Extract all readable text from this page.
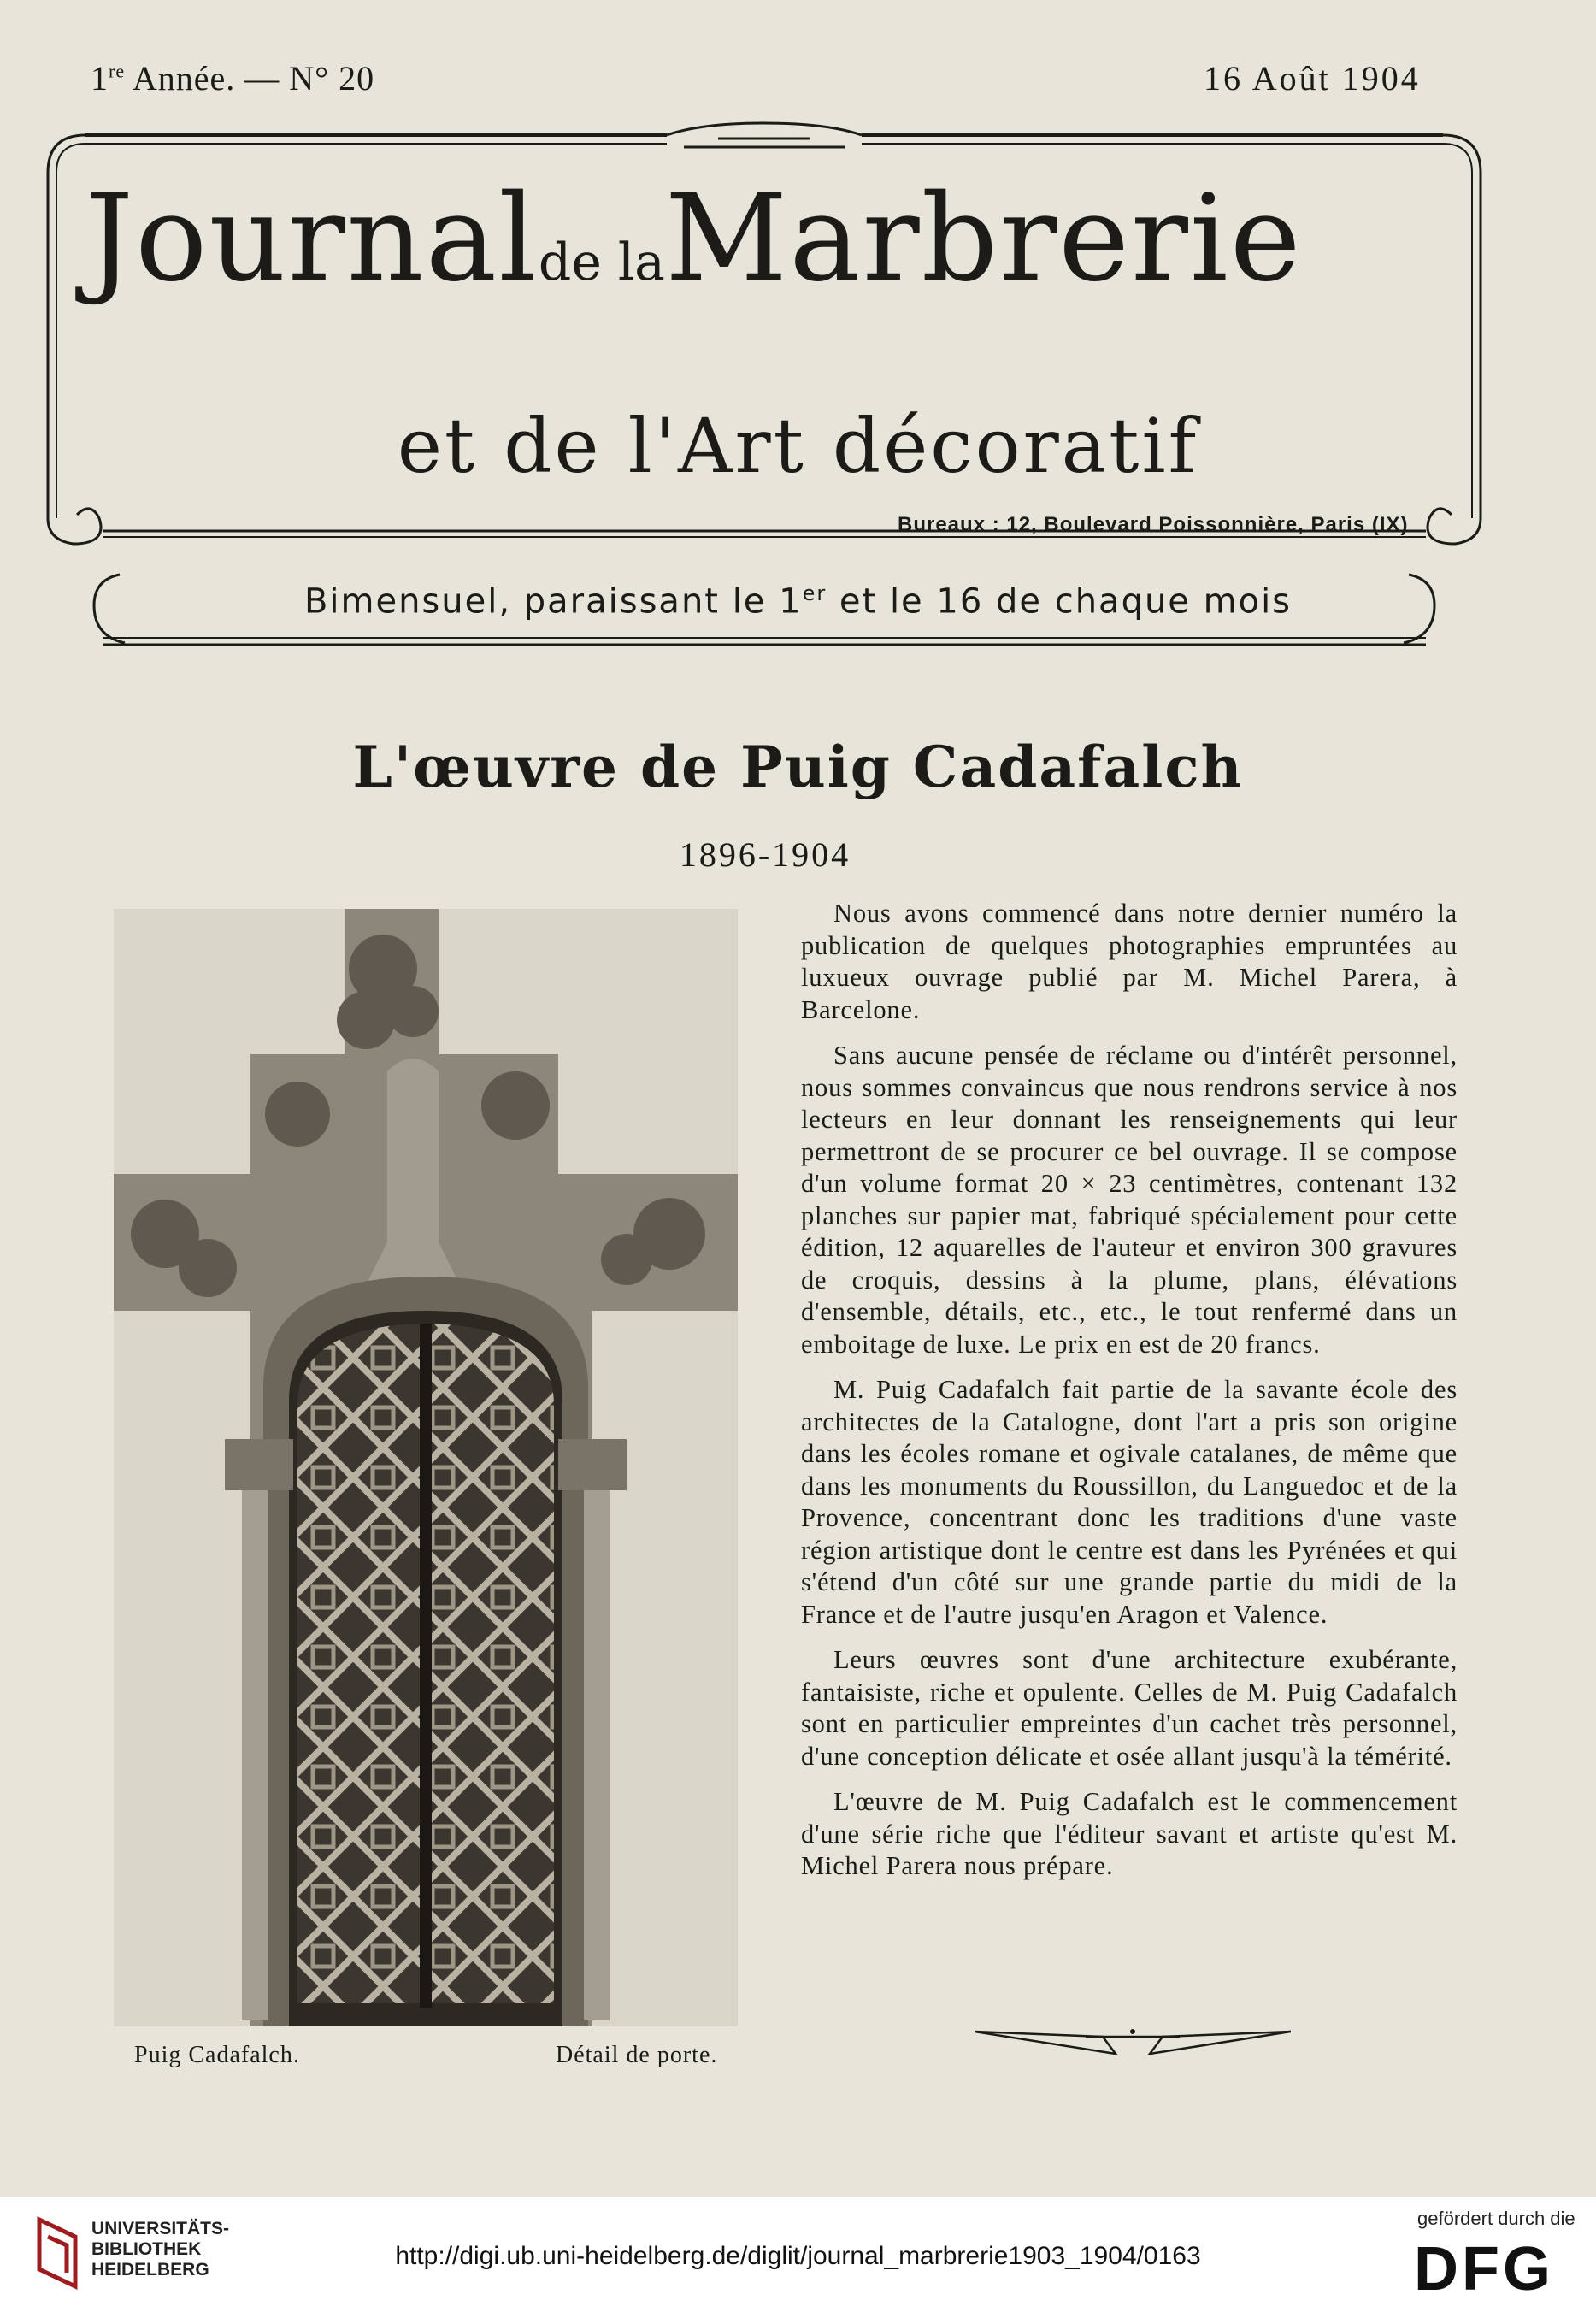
1re Année. — N° 20	16 Août 1904
Journalde laMarbrerie
et de l'Art décoratif
Bureaux : 12, Boulevard Poissonnière, Paris (IX)
Bimensuel, paraissant le 1er et le 16 de chaque mois
L'œuvre de Puig Cadafalch
1896-1904
Puig Cadafalch.	Détail de porte.

Nous avons commencé dans notre dernier numéro la publication de quelques photographies empruntées au luxueux ouvrage publié par M. Michel Parera, à Barcelone.

Sans aucune pensée de réclame ou d'intérêt personnel, nous sommes convaincus que nous rendrons service à nos lecteurs en leur donnant les renseignements qui leur permettront de se procurer ce bel ouvrage. Il se compose d'un volume format 20 × 23 centimètres, contenant 132 planches sur papier mat, fabriqué spécialement pour cette édition, 12 aquarelles de l'auteur et environ 300 gravures de croquis, dessins à la plume, plans, élévations d'ensemble, détails, etc., etc., le tout renfermé dans un emboitage de luxe. Le prix en est de 20 francs.

M. Puig Cadafalch fait partie de la savante école des architectes de la Catalogne, dont l'art a pris son origine dans les écoles romane et ogivale catalanes, de même que dans les monuments du Roussillon, du Languedoc et de la Provence, concentrant donc les traditions d'une vaste région artistique dont le centre est dans les Pyrénées et qui s'étend d'un côté sur une grande partie du midi de la France et de l'autre jusqu'en Aragon et Valence.

Leurs œuvres sont d'une architecture exubérante, fantaisiste, riche et opulente. Celles de M. Puig Cadafalch sont en particulier empreintes d'un cachet très personnel, d'une conception délicate et osée allant jusqu'à la témérité.

L'œuvre de M. Puig Cadafalch est le commencement d'une série riche que l'éditeur savant et artiste qu'est M. Michel Parera nous prépare.

UNIVERSITÄTS-
BIBLIOTHEK
HEIDELBERG	http://digi.ub.uni-heidelberg.de/diglit/journal_marbrerie1903_1904/0163
gefördert durch die
DFG
